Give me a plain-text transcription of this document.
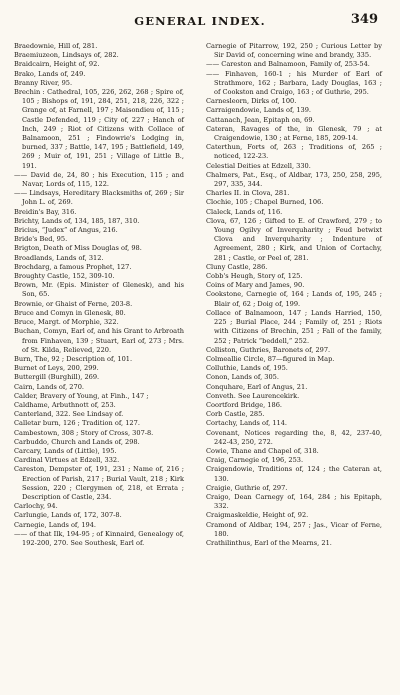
GENERAL INDEX.	349

Braedownie, Hill of, 281.

Braemiuzeon, Lindsays of, 282.

Braidcairn, Height of, 92.

Brako, Lands of, 249.

Branny River, 95.

Brechin : Cathedral, 105, 226, 262, 268 ; Spire of, 105 ; Bishops of, 191, 284, 251, 218, 226, 322 ; Grange of, at Farnell, 197 ; Maisondieu of, 115 ; Castle Defended, 119 ; City of, 227 ; Hanch of Inch, 249 ; Riot of Citizens with Collace of Balnamoon, 251 ; Findowrie's Lodging in, burned, 337 ; Battle, 147, 195 ; Battlefield, 149, 269 ; Muir of, 191, 251 ; Village of Little B., 191.

—— David de, 24, 80 ; his Execution, 115 ; and Navar, Lords of, 115, 122.

—— Lindsays, Hereditary Blacksmiths of, 269 ; Sir John L. of, 269.

Breidin's Bay, 316.

Brichty, Lands of, 134, 185, 187, 310.

Bricius, “Judex” of Angus, 216.

Bride's Bed, 95.

Brigton, Death of Miss Douglas of, 98.

Broadlands, Lands of, 312.

Brochdarg, a famous Prophet, 127.

Broughty Castle, 152, 309-10.

Brown, Mr. (Epis. Minister of Glenesk), and his Son, 65.

Brownie, or Ghaist of Ferne, 203-8.

Bruce and Comyn in Glenesk, 80.

Bruce, Margt. of Morphie, 322.

Buchan, Comyn, Earl of, and his Grant to Arbroath from Finhaven, 139 ; Stuart, Earl of, 273 ; Mrs. of St. Kilda, Relieved, 220.

Burn, The, 92 ; Description of, 101.

Burnet of Leys, 200, 299.

Buttergill (Burghill), 269.

Cairn, Lands of, 270.

Calder, Bravery of Young, at Finh., 147 ;

Caldhame, Arbuthnott of, 253.

Canterland, 322. See Lindsay of.

Calletar burn, 126 ; Tradition of, 127.

Cambestown, 308 ; Story of Cross, 307-8.

Carbuddo, Church and Lands of, 298.

Carcary, Lands of (Little), 195.

Cardinal Virtues at Edzell, 332.

Careston, Dempster of, 191, 231 ; Name of, 216 ; Erection of Parish, 217 ; Burial Vault, 218 ; Kirk Session, 220 ; Clergymen of, 218, et Errata ; Description of Castle, 234.

Carlochy, 94.

Carlungie, Lands of, 172, 307-8.

Carnegie, Lands of, 194.

—— of that Ilk, 194-95 ; of Kinnaird, Genealogy of, 192-200, 270. See Southesk, Earl of.

Carnegie of Pitarrow, 192, 250 ; Curious Letter by Sir David of, concerning wine and brandy, 335.

—— Careston and Balnamoon, Family of, 253-54.

—— Finhaven, 160-1 ; his Murder of Earl of Strathmore, 162 ; Barbara, Lady Douglas, 163 ; of Cookston and Craigo, 163 ; of Guthrie, 295.

Carnesleorn, Dirks of, 100.

Carraigendowie, Lands of, 139.

Cattanach, Jean, Epitaph on, 69.

Cateran, Ravages of the, in Glenesk, 79 ; at Craigendowie, 130 ; at Ferne, 185, 209-14.

Caterthun, Forts of, 263 ; Traditions of, 265 ; noticed, 122-23.

Celestial Deities at Edzell, 330.

Chalmers, Pat., Esq., of Aldbar, 173, 250, 258, 295, 297, 335, 344.

Charles II. in Clova, 281.

Clochie, 105 ; Chapel Burned, 106.

Claleck, Lands of, 116.

Clova, 67, 126 ; Gifted to E. of Crawford, 279 ; to Young Ogilvy of Inverquharity ; Feud betwixt Clova and Inverquharity ; Indenture of Agreement, 280 ; Kirk, and Union of Cortachy, 281 ; Castle, or Peel of, 281.

Cluny Castle, 286.

Cobb's Heugh, Story of, 125.

Coins of Mary and James, 90.

Cookstone, Carnegie of, 164 ; Lands of, 195, 245 ; Blair of, 62 ; Doig of, 199.

Collace of Balnamoon, 147 ; Lands Harried, 150, 225 ; Burial Place, 244 ; Family of, 251 ; Riots with Citizens of Brechin, 251 ; Fall of the family, 252 ; Patrick “beddell,” 252.

Colliston, Guthries, Baronets of, 297.

Colmeallie Circle, 87—figured in Map.

Colluthie, Lands of, 195.

Conon, Lands of, 305.

Conquhare, Earl of Angus, 21.

Conveth. See Laurencekirk.

Coortford Bridge, 186.

Corb Castle, 285.

Cortachy, Lands of, 114.

Covenant, Notices regarding the, 8, 42, 237-40, 242-43, 250, 272.

Cowie, Thane and Chapel of, 318.

Craig, Carnegie of, 196, 253.

Craigendowie, Traditions of, 124 ; the Cateran at, 130.

Craigie, Guthrie of, 297.

Craigo, Dean Carnegy of, 164, 284 ; his Epitaph, 332.

Craigmaskeldie, Height of, 92.

Cramond of Aldbar, 194, 257 ; Jas., Vicar of Ferne, 180.

Crathilinthus, Earl of the Mearns, 21.
